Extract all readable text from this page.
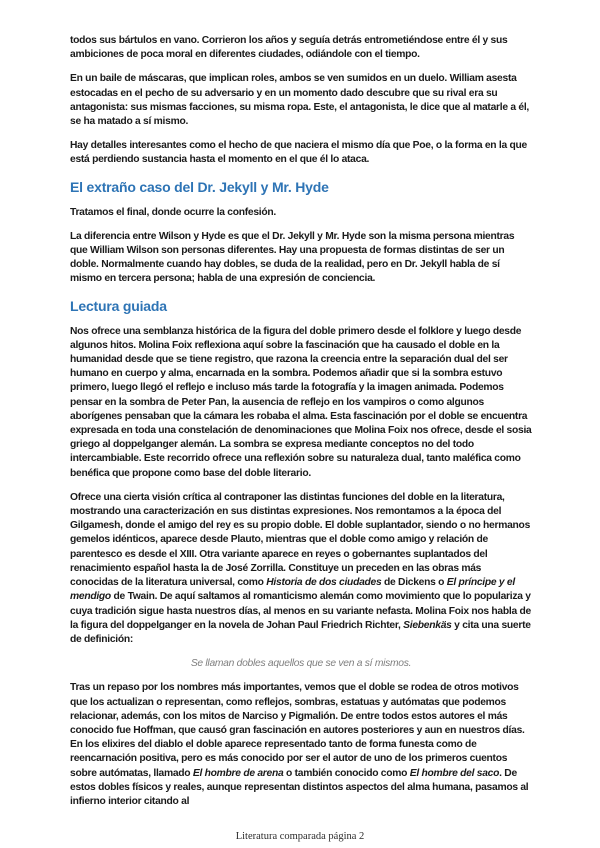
todos sus bártulos en vano. Corrieron los años y seguía detrás entrometiéndose entre él y sus ambiciones de poca moral en diferentes ciudades, odiándole con el tiempo.

En un baile de máscaras, que implican roles, ambos se ven sumidos en un duelo. William asesta estocadas en el pecho de su adversario y en un momento dado descubre que su rival era su antagonista: sus mismas facciones, su misma ropa. Este, el antagonista, le dice que al matarle a él, se ha matado a sí mismo.

Hay detalles interesantes como el hecho de que naciera el mismo día que Poe, o la forma en la que está perdiendo sustancia hasta el momento en el que él lo ataca.

El extraño caso del Dr. Jekyll y Mr. Hyde

Tratamos el final, donde ocurre la confesión.

La diferencia entre Wilson y Hyde es que el Dr. Jekyll y Mr. Hyde son la misma persona mientras que William Wilson son personas diferentes. Hay una propuesta de formas distintas de ser un doble. Normalmente cuando hay dobles, se duda de la realidad, pero en Dr. Jekyll habla de sí mismo en tercera persona; habla de una expresión de conciencia.

Lectura guiada

Nos ofrece una semblanza histórica de la figura del doble primero desde el folklore y luego desde algunos hitos. Molina Foix reflexiona aquí sobre la fascinación que ha causado el doble en la humanidad desde que se tiene registro, que razona la creencia entre la separación dual del ser humano en cuerpo y alma, encarnada en la sombra. Podemos añadir que si la sombra estuvo primero, luego llegó el reflejo e incluso más tarde la fotografía y la imagen animada. Podemos pensar en la sombra de Peter Pan, la ausencia de reflejo en los vampiros o como algunos aborígenes pensaban que la cámara les robaba el alma. Esta fascinación por el doble se encuentra expresada en toda una constelación de denominaciones que Molina Foix nos ofrece, desde el sosia griego al doppelganger alemán. La sombra se expresa mediante conceptos no del todo intercambiable. Este recorrido ofrece una reflexión sobre su naturaleza dual, tanto maléfica como benéfica que propone como base del doble literario.

Ofrece una cierta visión crítica al contraponer las distintas funciones del doble en la literatura, mostrando una caracterización en sus distintas expresiones. Nos remontamos a la época del Gilgamesh, donde el amigo del rey es su propio doble. El doble suplantador, siendo o no hermanos gemelos idénticos, aparece desde Plauto, mientras que el doble como amigo y relación de parentesco es desde el XIII. Otra variante aparece en reyes o gobernantes suplantados del renacimiento español hasta la de José Zorrilla. Constituye un preceden en las obras más conocidas de la literatura universal, como Historia de dos ciudades de Dickens o El príncipe y el mendigo de Twain. De aquí saltamos al romanticismo alemán como movimiento que lo populariza y cuya tradición sigue hasta nuestros días, al menos en su variante nefasta. Molina Foix nos habla de la figura del doppelganger en la novela de Johan Paul Friedrich Richter, Siebenkäs y cita una suerte de definición:

Se llaman dobles aquellos que se ven a sí mismos.

Tras un repaso por los nombres más importantes, vemos que el doble se rodea de otros motivos que los actualizan o representan, como reflejos, sombras, estatuas y autómatas que podemos relacionar, además, con los mitos de Narciso y Pigmalión. De entre todos estos autores el más conocido fue Hoffman, que causó gran fascinación en autores posteriores y aun en nuestros días. En los elixires del diablo el doble aparece representado tanto de forma funesta como de reencarnación positiva, pero es más conocido por ser el autor de uno de los primeros cuentos sobre autómatas, llamado El hombre de arena o también conocido como El hombre del saco. De estos dobles físicos y reales, aunque representan distintos aspectos del alma humana, pasamos al infierno interior citando al

Literatura comparada página 2
